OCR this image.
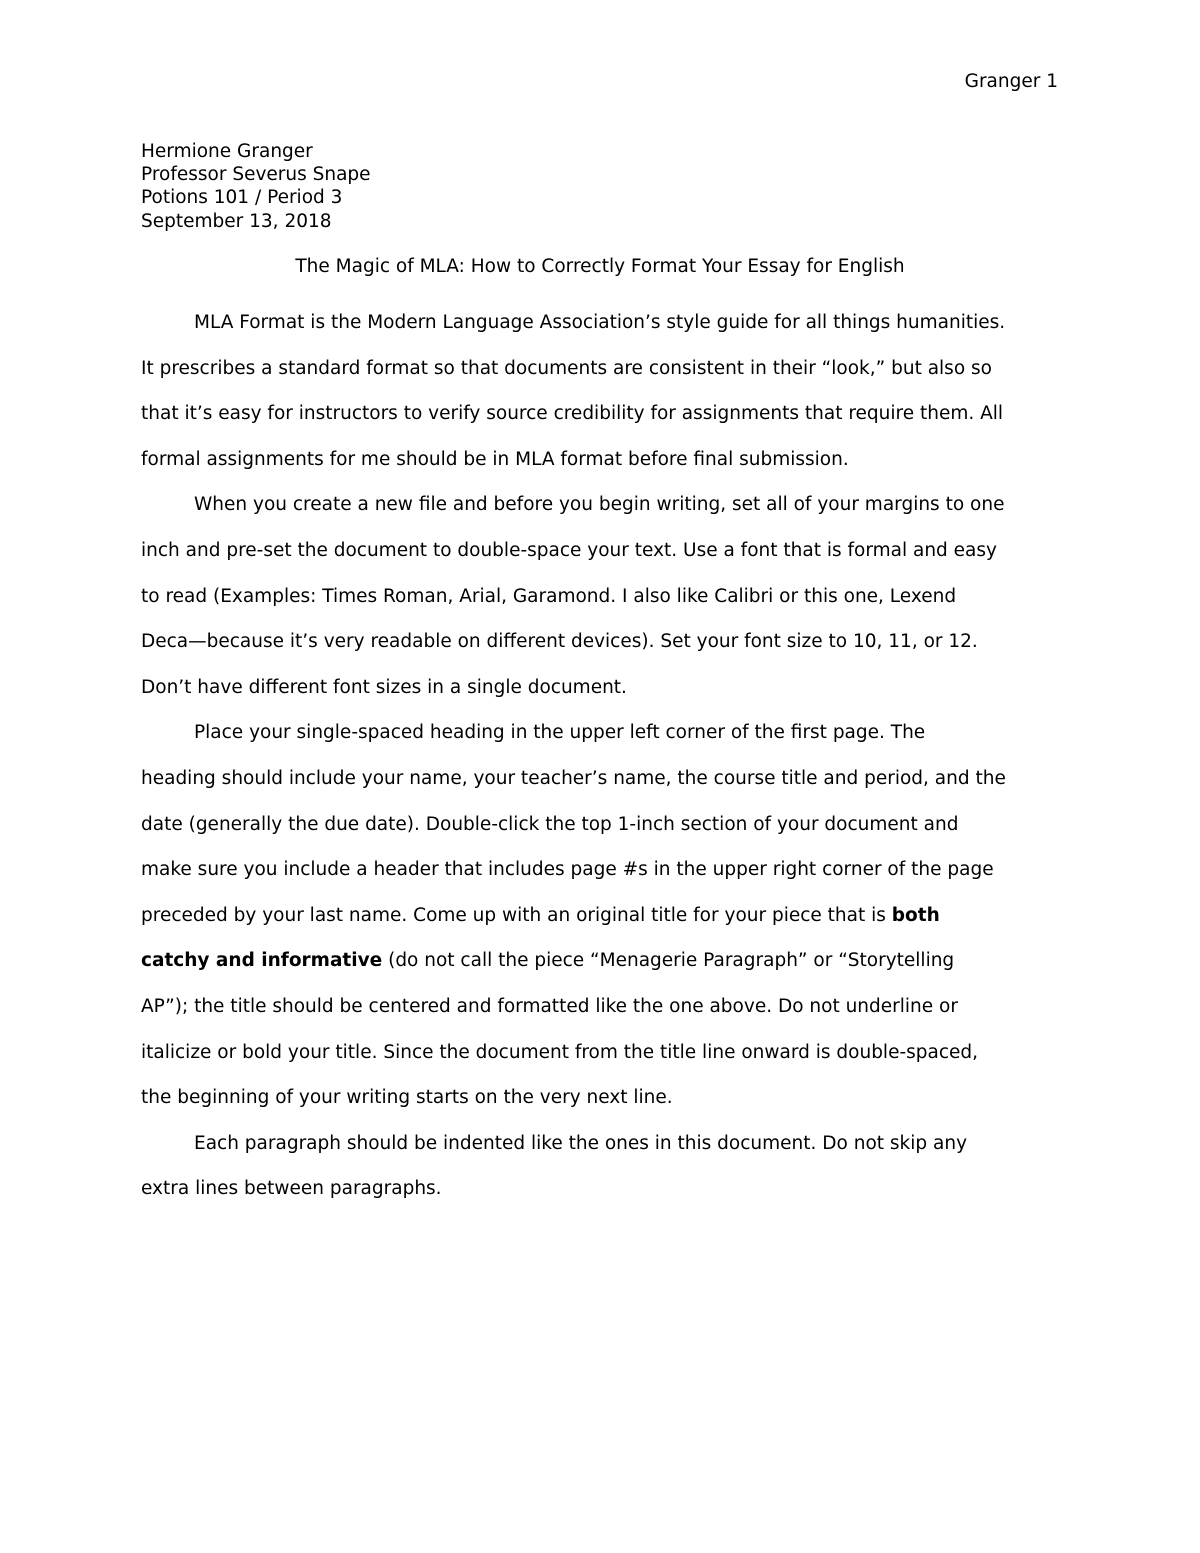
Granger 1
Hermione Granger
Professor Severus Snape
Potions 101 / Period 3
September 13, 2018
The Magic of MLA: How to Correctly Format Your Essay for English
MLA Format is the Modern Language Association’s style guide for all things humanities.
It prescribes a standard format so that documents are consistent in their “look,” but also so
that it’s easy for instructors to verify source credibility for assignments that require them. All
formal assignments for me should be in MLA format before final submission.
When you create a new file and before you begin writing, set all of your margins to one
inch and pre-set the document to double-space your text. Use a font that is formal and easy
to read (Examples: Times Roman, Arial, Garamond. I also like Calibri or this one, Lexend
Deca—because it’s very readable on different devices). Set your font size to 10, 11, or 12.
Don’t have different font sizes in a single document.
Place your single-spaced heading in the upper left corner of the first page. The
heading should include your name, your teacher’s name, the course title and period, and the
date (generally the due date). Double-click the top 1-inch section of your document and
make sure you include a header that includes page #s in the upper right corner of the page
preceded by your last name. Come up with an original title for your piece that is both
catchy and informative (do not call the piece “Menagerie Paragraph” or “Storytelling
AP”); the title should be centered and formatted like the one above. Do not underline or
italicize or bold your title. Since the document from the title line onward is double-spaced,
the beginning of your writing starts on the very next line.
Each paragraph should be indented like the ones in this document. Do not skip any
extra lines between paragraphs.
